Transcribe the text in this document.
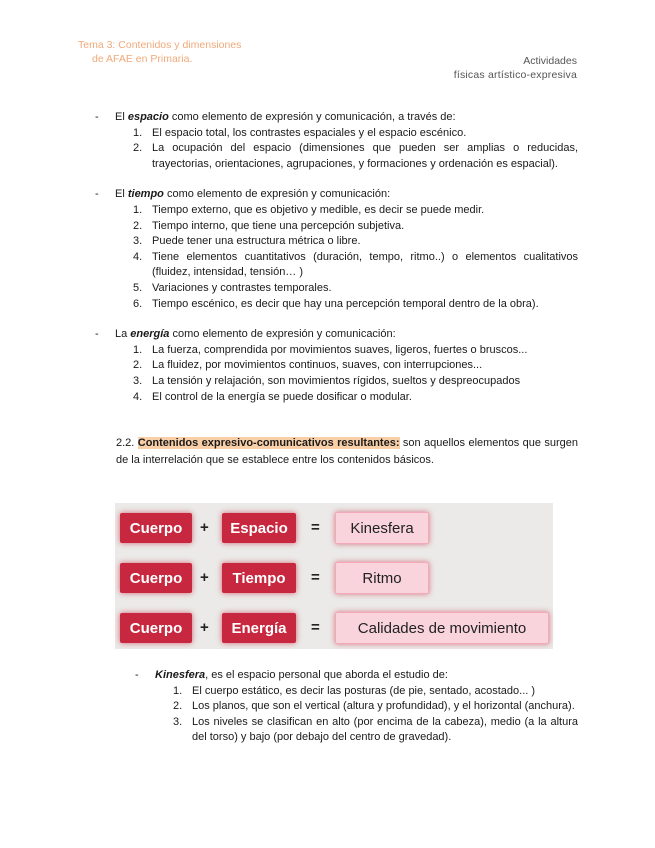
Tema 3: Contenidos y dimensiones
de AFAE en Primaria.	Actividades
físicas artístico-expresiva
-	El espacio como elemento de expresión y comunicación, a través de:
1. El espacio total, los contrastes espaciales y el espacio escénico.
2. La ocupación del espacio (dimensiones que pueden ser amplias o reducidas, trayectorias, orientaciones, agrupaciones, y formaciones y ordenación es espacial).
-	El tiempo como elemento de expresión y comunicación:
1. Tiempo externo, que es objetivo y medible, es decir se puede medir.
2. Tiempo interno, que tiene una percepción subjetiva.
3. Puede tener una estructura métrica o libre.
4. Tiene elementos cuantitativos (duración, tempo, ritmo..) o elementos cualitativos (fluidez, intensidad, tensión… )
5. Variaciones y contrastes temporales.
6. Tiempo escénico, es decir que hay una percepción temporal dentro de la obra).
-	La energía como elemento de expresión y comunicación:
1. La fuerza, comprendida por movimientos suaves, ligeros, fuertes o bruscos...
2. La fluidez, por movimientos continuos, suaves, con interrupciones...
3. La tensión y relajación, son movimientos rígidos, sueltos y despreocupados
4. El control de la energía se puede dosificar o modular.
2.2. Contenidos expresivo-comunicativos resultantes: son aquellos elementos que surgen de la interrelación que se establece entre los contenidos básicos.
Cuerpo	+	Espacio	=	Kinesfera
Cuerpo	+	Tiempo	=	Ritmo
Cuerpo	+	Energía	=	Calidades de movimiento
-	Kinesfera, es el espacio personal que aborda el estudio de:
1. El cuerpo estático, es decir las posturas (de pie, sentado, acostado... )
2. Los planos, que son el vertical (altura y profundidad), y el horizontal (anchura).
3. Los niveles se clasifican en alto (por encima de la cabeza), medio (a la altura del torso) y bajo (por debajo del centro de gravedad).
